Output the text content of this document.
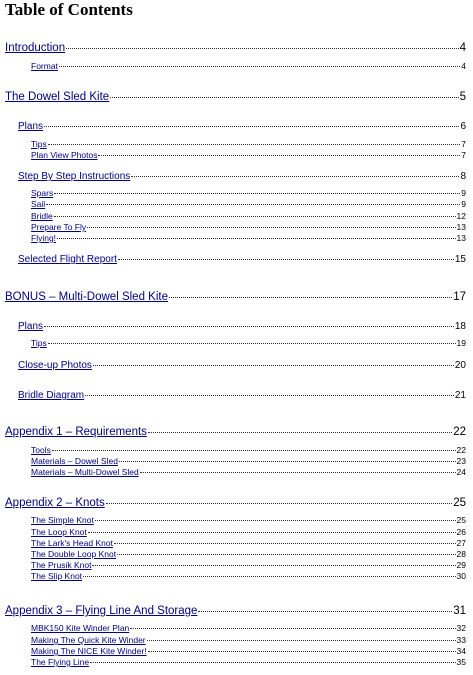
Table of Contents
Introduction	4
Format	4
The Dowel Sled Kite	5
Plans	6
Tips	7
Plan View Photos	7
Step By Step Instructions	8
Spars	9
Sail	9
Bridle	12
Prepare To Fly	13
Flying!	13
Selected Flight Report	15
BONUS – Multi-Dowel Sled Kite	17
Plans	18
Tips	19
Close-up Photos	20
Bridle Diagram	21
Appendix 1 – Requirements	22
Tools	22
Materials – Dowel Sled	23
Materials – Multi-Dowel Sled	24
Appendix 2 – Knots	25
The Simple Knot	25
The Loop Knot	26
The Lark's Head Knot	27
The Double Loop Knot	28
The Prusik Knot	29
The Slip Knot	30
Appendix 3 – Flying Line And Storage	31
MBK150 Kite Winder Plan	32
Making The Quick Kite Winder	33
Making The NICE Kite Winder!	34
The Flying Line	35
